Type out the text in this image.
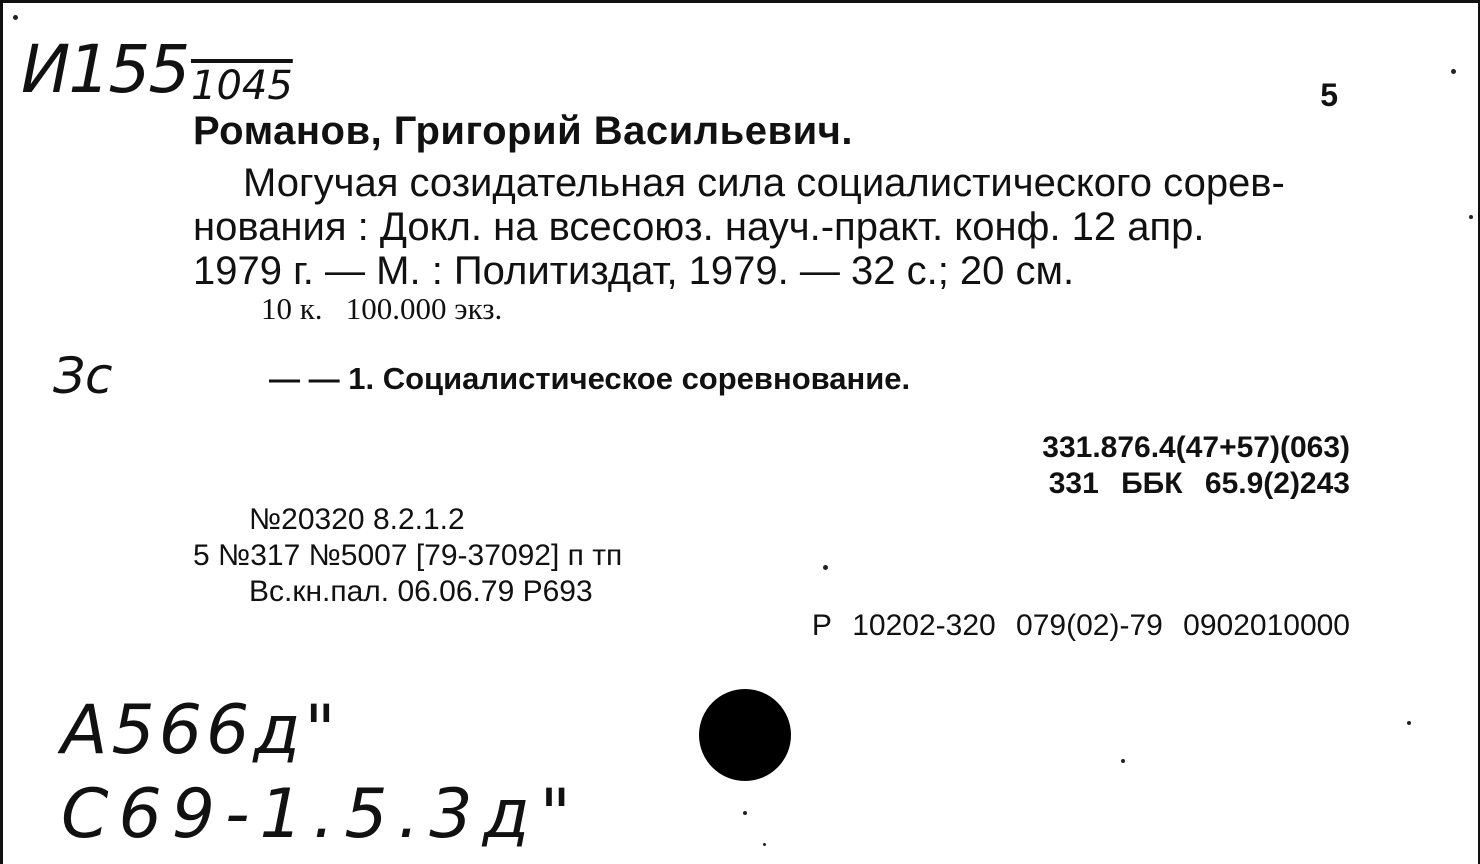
5
Романов, Григорий Васильевич.
Могучая созидательная сила социалистического сорев-
нования : Докл. на всесоюз. науч.-практ. конф. 12 апр.
1979 г. — М. : Политиздат, 1979. — 32 с.; 20 см.
10 к.   100.000 экз.
— — 1. Социалистическое соревнование.
331.876.4(47+57)(063)
331 ББК 65.9(2)243
№20320 8.2.1.2
5 №317 №5007 [79-37092] п тп
Вс.кн.пал. 06.06.79 Р693
Р 10202-320 079(02)-79 0902010000
И155 1045
Зс
А566д"
С69-1.5.3д"
